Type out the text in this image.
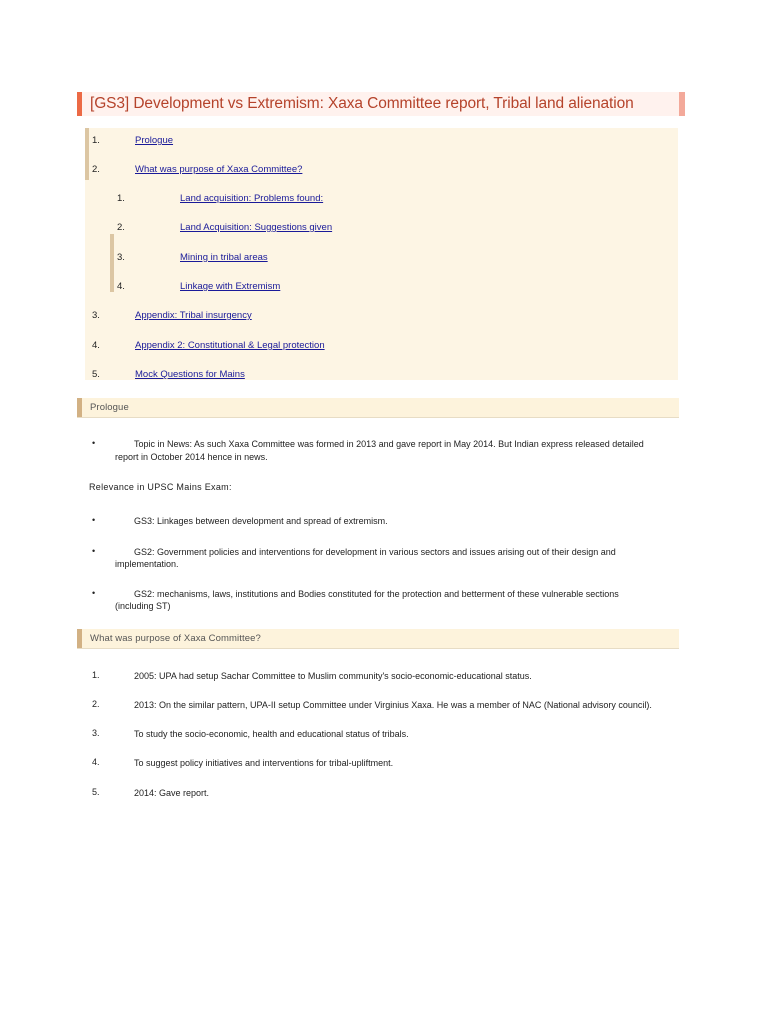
[GS3] Development vs Extremism: Xaxa Committee report, Tribal land alienation
1.	Prologue
2.	What was purpose of Xaxa Committee?
1.	Land acquisition: Problems found:
2.	Land Acquisition: Suggestions given
3.	Mining in tribal areas
4.	Linkage with Extremism
3.	Appendix: Tribal insurgency
4.	Appendix 2: Constitutional & Legal protection
5.	Mock Questions for Mains
Prologue
•	Topic in News: As such Xaxa Committee was formed in 2013 and gave report in May 2014. But Indian express released detailed
report in October 2014 hence in news.
Relevance in UPSC Mains Exam:
•	GS3: Linkages between development and spread of extremism.
•	GS2: Government policies and interventions for development in various sectors and issues arising out of their design and
implementation.
•	GS2: mechanisms, laws, institutions and Bodies constituted for the protection and betterment of these vulnerable sections
(including ST)
What was purpose of Xaxa Committee?
1.	2005: UPA had setup Sachar Committee to Muslim community's socio-economic-educational status.
2.	2013: On the similar pattern, UPA-II setup Committee under Virginius Xaxa. He was a member of NAC (National advisory council).
3.	To study the socio-economic, health and educational status of tribals.
4.	To suggest policy initiatives and interventions for tribal-upliftment.
5.	2014: Gave report.
